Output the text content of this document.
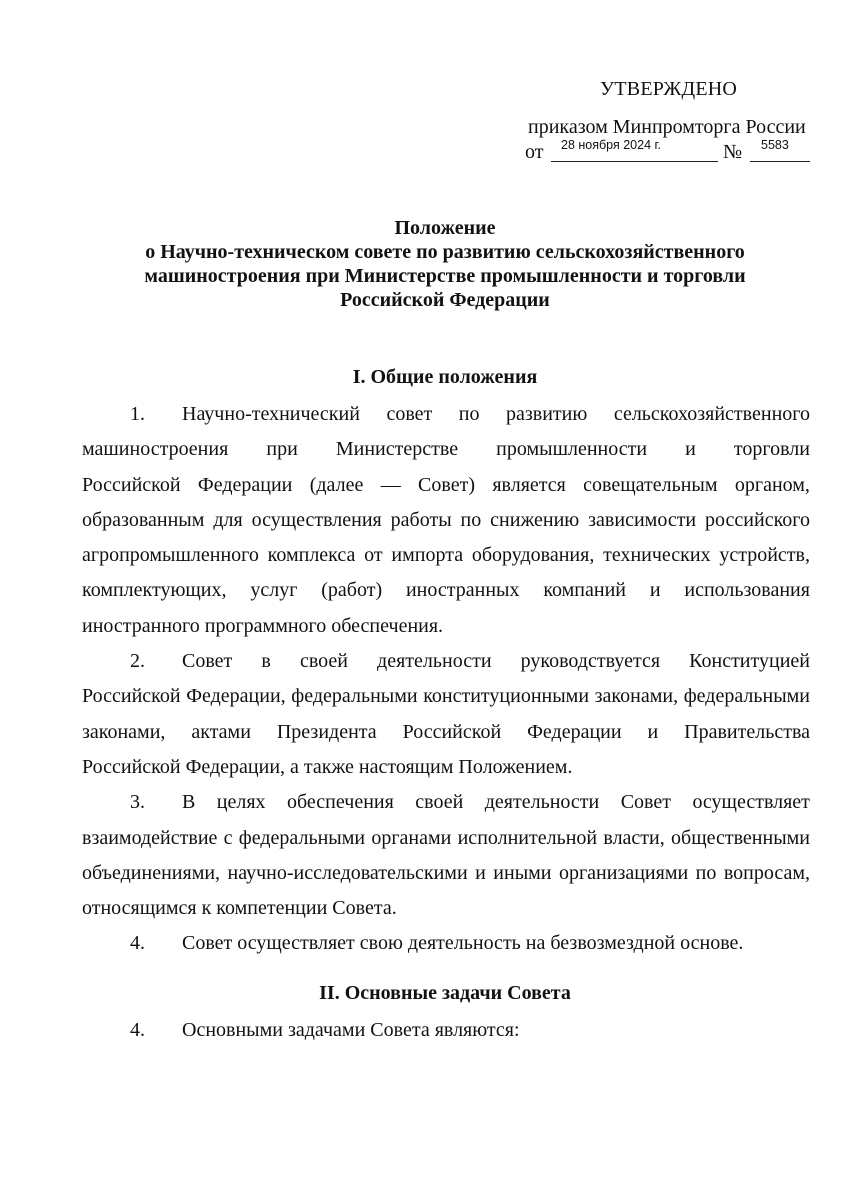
УТВЕРЖДЕНО
приказом Минпромторга России
от 28 ноября 2024 г.	№ 5583
Положение
о Научно-техническом совете по развитию сельскохозяйственного
машиностроения при Министерстве промышленности и торговли
Российской Федерации
I. Общие положения
1.	Научно-технический совет по развитию сельскохозяйственного
машиностроения при Министерстве промышленности и торговли
Российской Федерации (далее — Совет) является совещательным органом,
образованным для осуществления работы по снижению зависимости российского
агропромышленного комплекса от импорта оборудования, технических устройств,
комплектующих, услуг (работ) иностранных компаний и использования
иностранного программного обеспечения.
2.	Совет в своей деятельности руководствуется Конституцией
Российской Федерации, федеральными конституционными законами, федеральными
законами, актами Президента Российской Федерации и Правительства
Российской Федерации, а также настоящим Положением.
3.	В целях обеспечения своей деятельности Совет осуществляет
взаимодействие с федеральными органами исполнительной власти, общественными
объединениями, научно-исследовательскими и иными организациями по вопросам,
относящимся к компетенции Совета.
4.	Совет осуществляет свою деятельность на безвозмездной основе.
II. Основные задачи Совета
4.	Основными задачами Совета являются:
